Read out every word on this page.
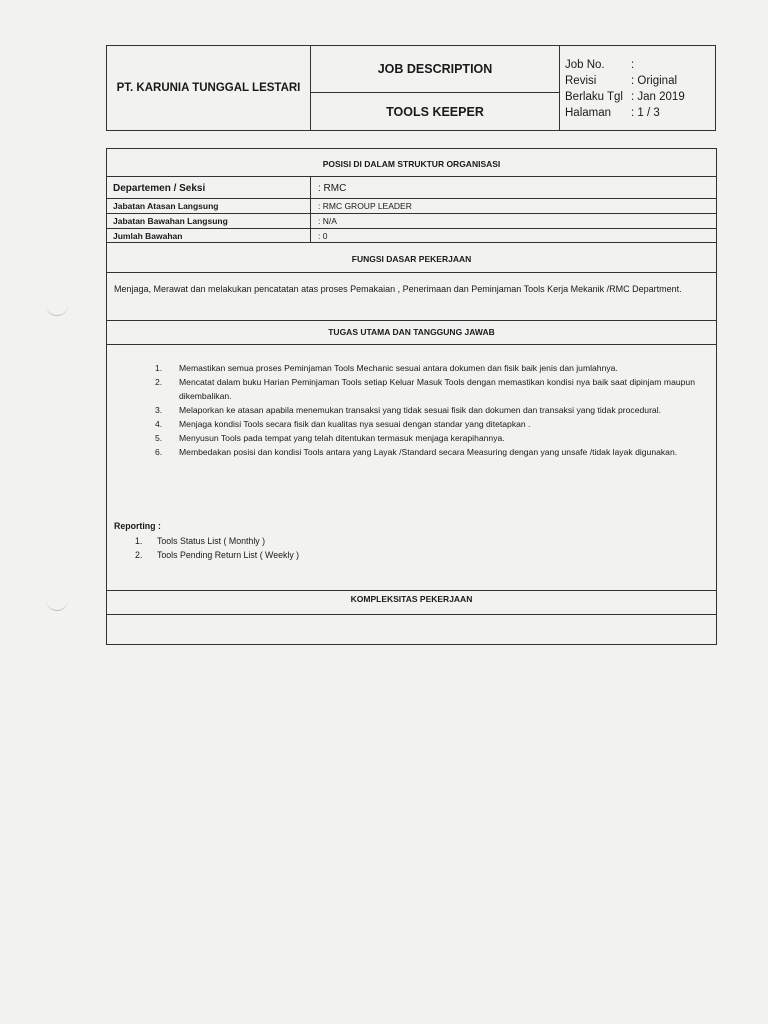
PT. KARUNIA TUNGGAL LESTARI
JOB DESCRIPTION
TOOLS KEEPER
Job No.	:
Revisi	: Original
Berlaku Tgl : Jan 2019
Halaman	: 1 / 3
POSISI DI DALAM STRUKTUR ORGANISASI
Departemen / Seksi	: RMC
Jabatan Atasan Langsung	: RMC GROUP LEADER
Jabatan Bawahan Langsung	: N/A
Jumlah Bawahan	: 0
FUNGSI DASAR PEKERJAAN
Menjaga, Merawat dan melakukan pencatatan atas proses Pemakaian , Penerimaan dan Peminjaman Tools Kerja Mekanik /RMC Department.
TUGAS UTAMA DAN TANGGUNG JAWAB
1.	Memastikan semua proses Peminjaman Tools Mechanic sesuai antara dokumen dan fisik baik jenis dan jumlahnya.
2.	Mencatat dalam buku Harian Peminjaman Tools setiap Keluar Masuk Tools dengan memastikan kondisi nya baik saat dipinjam maupun dikembalikan.
3.	Melaporkan ke atasan apabila menemukan transaksi yang tidak sesuai fisik dan dokumen dan transaksi yang tidak procedural.
4.	Menjaga kondisi Tools secara fisik dan kualitas nya sesuai dengan standar yang ditetapkan .
5.	Menyusun Tools pada tempat yang telah ditentukan termasuk menjaga kerapihannya.
6.	Membedakan posisi dan kondisi Tools antara yang Layak /Standard secara Measuring dengan yang unsafe /tidak layak digunakan.
Reporting :
1.	Tools Status List ( Monthly )
2.	Tools Pending Return List ( Weekly )
KOMPLEKSITAS PEKERJAAN
